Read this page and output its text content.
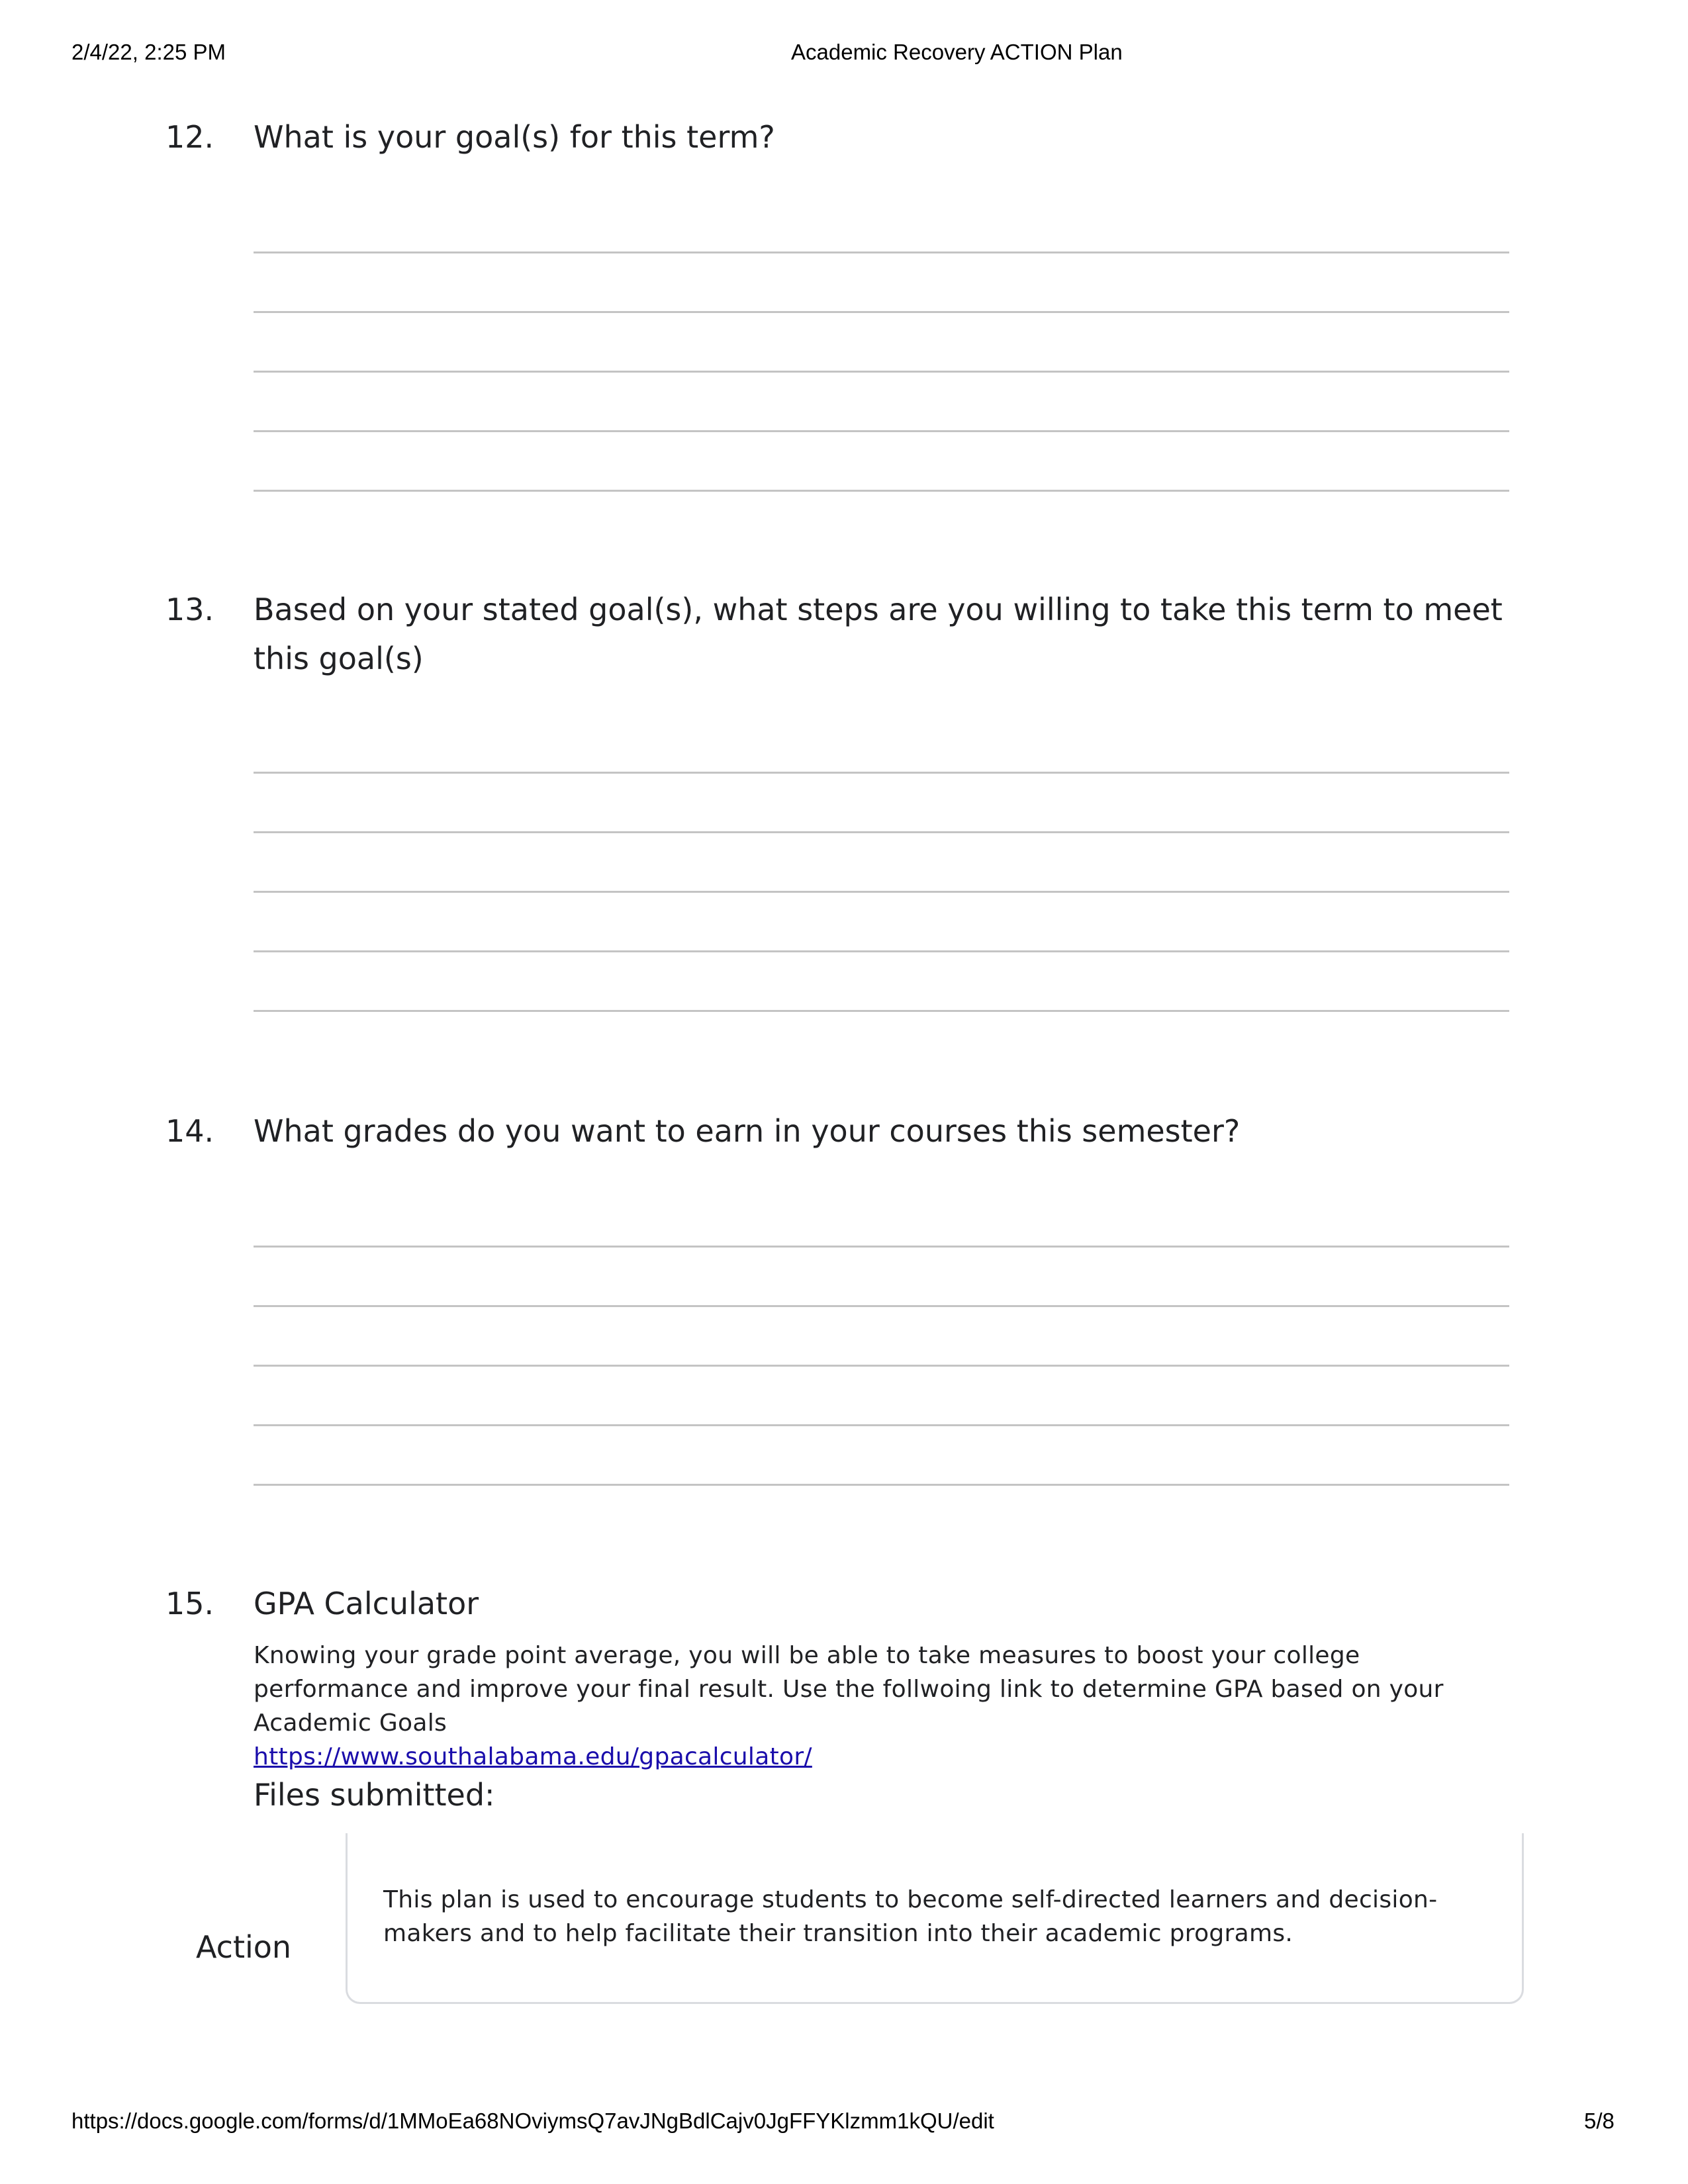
2/4/22, 2:25 PM	Academic Recovery ACTION Plan
12. What is your goal(s) for this term?
13. Based on your stated goal(s), what steps are you willing to take this term to meet this goal(s)
14. What grades do you want to earn in your courses this semester?
15. GPA Calculator
Knowing your grade point average, you will be able to take measures to boost your college performance and improve your final result. Use the follwoing link to determine GPA based on your Academic Goals
https://www.southalabama.edu/gpacalculator/
Files submitted:
Action
This plan is used to encourage students to become self-directed learners and decision-makers and to help facilitate their transition into their academic programs.
https://docs.google.com/forms/d/1MMoEa68NOviymsQ7avJNgBdlCajv0JgFFYKlzmm1kQU/edit	5/8
